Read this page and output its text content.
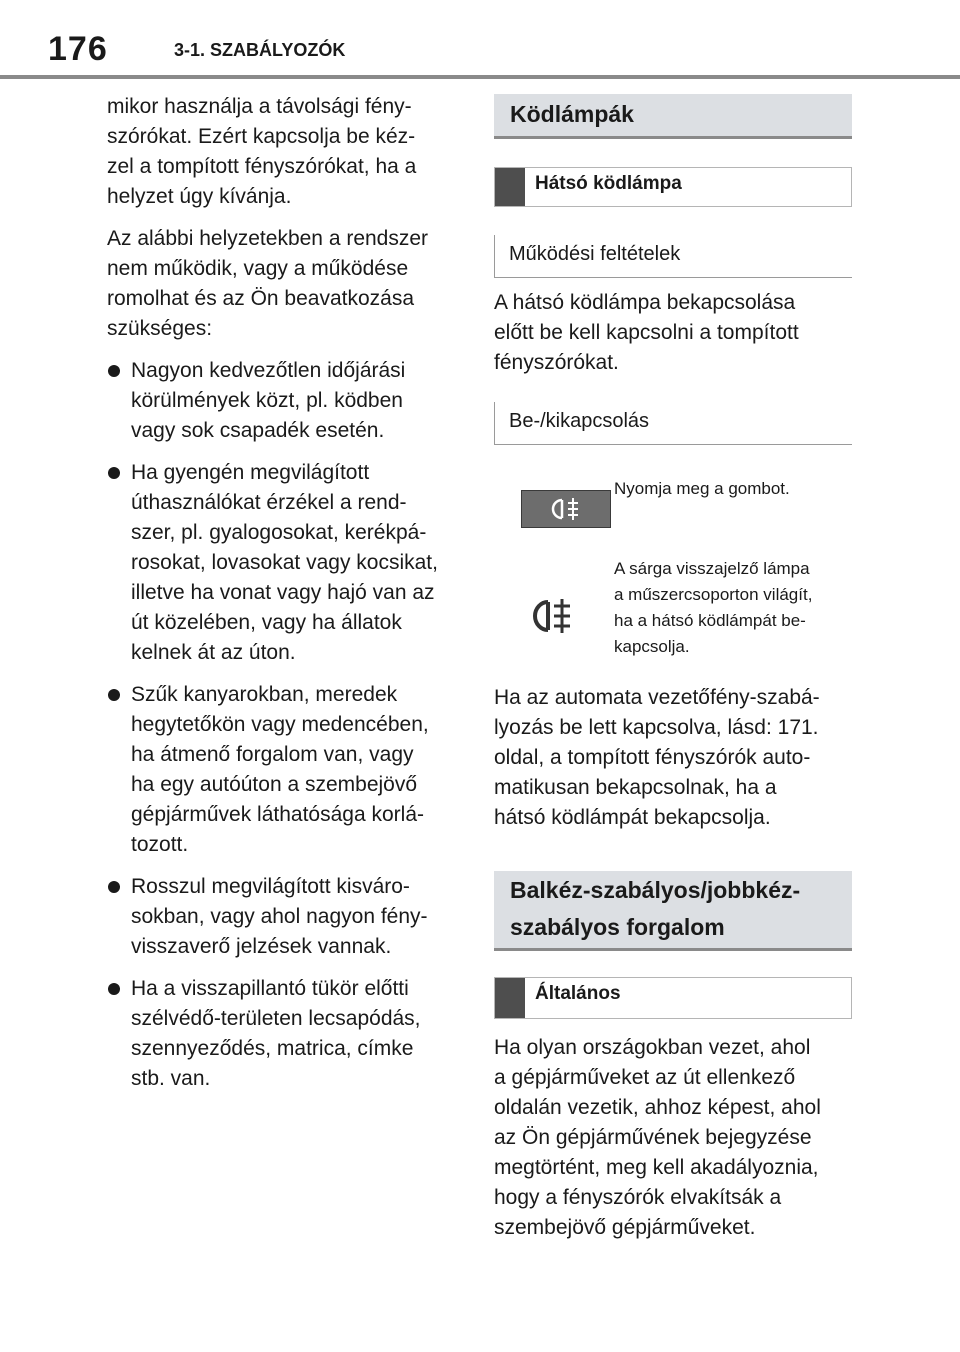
176	3-1. SZABÁLYOZÓK

mikor használja a távolsági fény-
szórókat. Ezért kapcsolja be kéz-
zel a tompított fényszórókat, ha a
helyzet úgy kívánja.

Az alábbi helyzetekben a rendszer
nem működik, vagy a működése
romolhat és az Ön beavatkozása
szükséges:

Nagyon kedvezőtlen időjárási
körülmények közt, pl. ködben
vagy sok csapadék esetén.
Ha gyengén megvilágított
úthasználókat érzékel a rend-
szer, pl. gyalogosokat, kerékpá-
rosokat, lovasokat vagy kocsikat,
illetve ha vonat vagy hajó van az
út közelében, vagy ha állatok
kelnek át az úton.
Szűk kanyarokban, meredek
hegytetőkön vagy medencében,
ha átmenő forgalom van, vagy
ha egy autóúton a szembejövő
gépjárművek láthatósága korlá-
tozott.
Rosszul megvilágított kisváro-
sokban, vagy ahol nagyon fény-
visszaverő jelzések vannak.
Ha a visszapillantó tükör előtti
szélvédő-területen lecsapódás,
szennyeződés, matrica, címke
stb. van.
Ködlámpák
Hátsó ködlámpa
Működési feltételek

A hátsó ködlámpa bekapcsolása
előtt be kell kapcsolni a tompított
fényszórókat.

Be-/kikapcsolás
Nyomja meg a gombot.
A sárga visszajelző lámpa
a műszercsoporton világít,
ha a hátsó ködlámpát be-
kapcsolja.

Ha az automata vezetőfény-szabá-
lyozás be lett kapcsolva, lásd: 171.
oldal, a tompított fényszórók auto-
matikusan bekapcsolnak, ha a
hátsó ködlámpát bekapcsolja.

Balkéz-szabályos/jobbkéz-
szabályos forgalom
Általános

Ha olyan országokban vezet, ahol
a gépjárműveket az út ellenkező
oldalán vezetik, ahhoz képest, ahol
az Ön gépjárművének bejegyzése
megtörtént, meg kell akadályoznia,
hogy a fényszórók elvakítsák a
szembejövő gépjárműveket.
